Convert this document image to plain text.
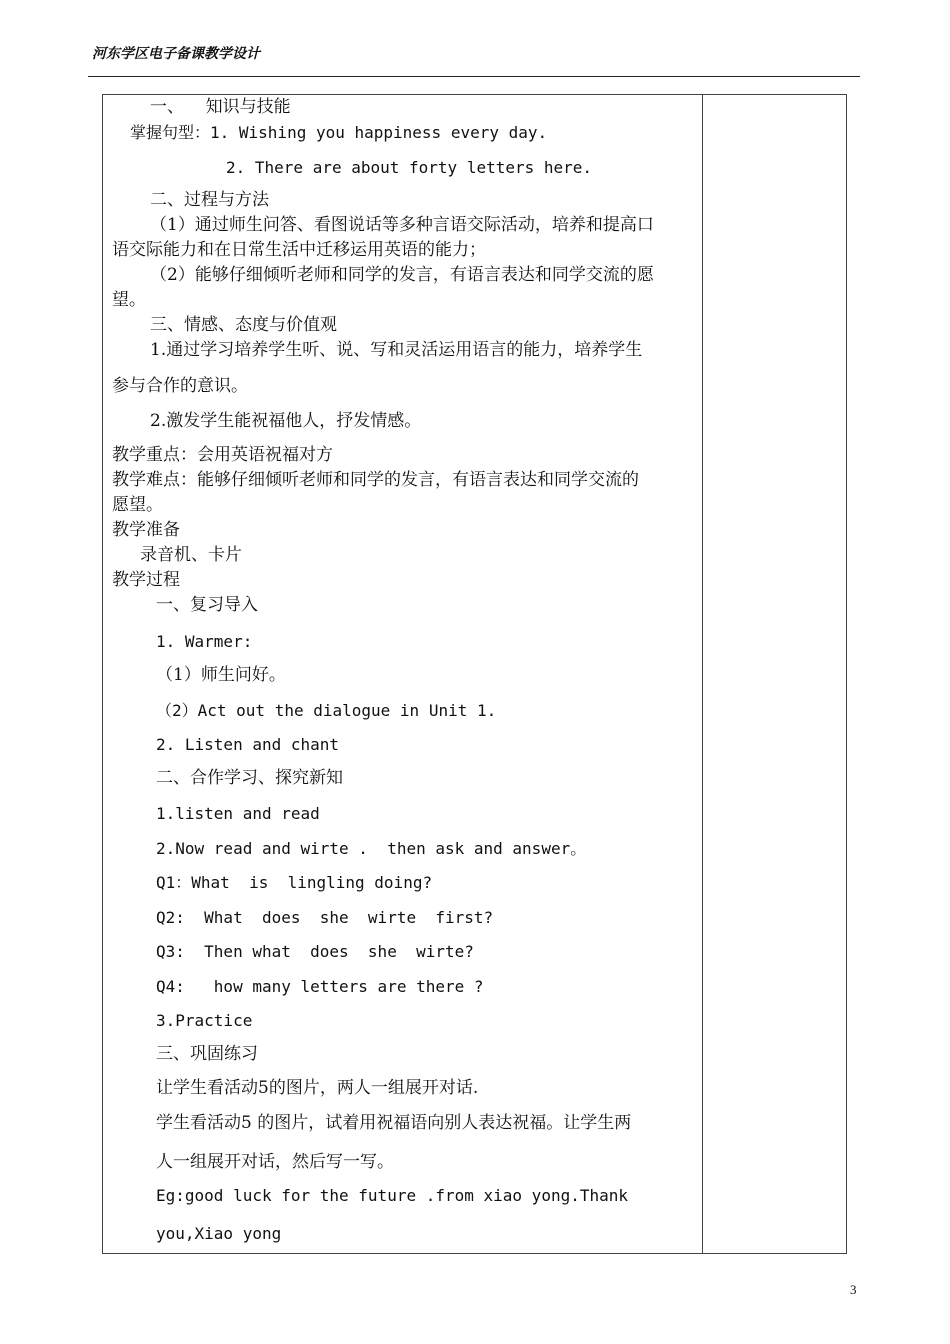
河东学区电子备课教学设计
一、    知识与技能
掌握句型：1. Wishing you happiness every day.
2. There are about forty letters here.
二、过程与方法
（1）通过师生问答、看图说话等多种言语交际活动，培养和提高口
语交际能力和在日常生活中迁移运用英语的能力；
（2）能够仔细倾听老师和同学的发言，有语言表达和同学交流的愿
望。
三、情感、态度与价值观
1.通过学习培养学生听、说、写和灵活运用语言的能力，培养学生
参与合作的意识。
2.激发学生能祝福他人，抒发情感。
教学重点：会用英语祝福对方
教学难点：能够仔细倾听老师和同学的发言，有语言表达和同学交流的
愿望。
教学准备
录音机、卡片
教学过程
一、复习导入
1. Warmer:
（1）师生问好。
（2）Act out the dialogue in Unit 1.
2. Listen and chant
二、合作学习、探究新知
1.listen and read
2.Now read and wirte .  then ask and answer。
Q1：What  is  lingling doing?
Q2:  What  does  she  wirte  first?
Q3:  Then what  does  she  wirte?
Q4:   how many letters are there ?
3.Practice
三、巩固练习
让学生看活动5的图片，两人一组展开对话.
学生看活动5 的图片，试着用祝福语向别人表达祝福。让学生两
人一组展开对话，然后写一写。
Eg:good luck for the future .from xiao yong.Thank
you,Xiao yong
3
